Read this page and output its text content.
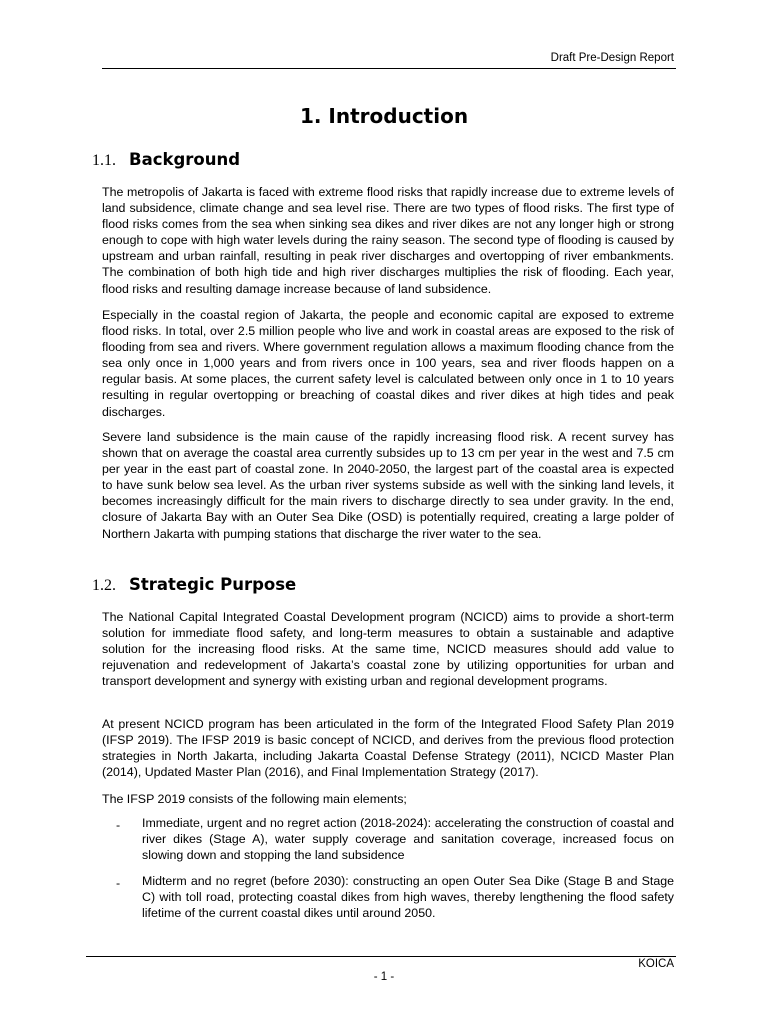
Draft Pre-Design Report
1. Introduction
1.1. Background

The metropolis of Jakarta is faced with extreme flood risks that rapidly increase due to extreme levels of land subsidence, climate change and sea level rise. There are two types of flood risks. The first type of flood risks comes from the sea when sinking sea dikes and river dikes are not any longer high or strong enough to cope with high water levels during the rainy season. The second type of flooding is caused by upstream and urban rainfall, resulting in peak river discharges and overtopping of river embankments. The combination of both high tide and high river discharges multiplies the risk of flooding. Each year, flood risks and resulting damage increase because of land subsidence.

Especially in the coastal region of Jakarta, the people and economic capital are exposed to extreme flood risks. In total, over 2.5 million people who live and work in coastal areas are exposed to the risk of flooding from sea and rivers. Where government regulation allows a maximum flooding chance from the sea only once in 1,000 years and from rivers once in 100 years, sea and river floods happen on a regular basis. At some places, the current safety level is calculated between only once in 1 to 10 years resulting in regular overtopping or breaching of coastal dikes and river dikes at high tides and peak discharges.

Severe land subsidence is the main cause of the rapidly increasing flood risk. A recent survey has shown that on average the coastal area currently subsides up to 13 cm per year in the west and 7.5 cm per year in the east part of coastal zone. In 2040-2050, the largest part of the coastal area is expected to have sunk below sea level. As the urban river systems subside as well with the sinking land levels, it becomes increasingly difficult for the main rivers to discharge directly to sea under gravity. In the end, closure of Jakarta Bay with an Outer Sea Dike (OSD) is potentially required, creating a large polder of Northern Jakarta with pumping stations that discharge the river water to the sea.

1.2. Strategic Purpose

The National Capital Integrated Coastal Development program (NCICD) aims to provide a short-term solution for immediate flood safety, and long-term measures to obtain a sustainable and adaptive solution for the increasing flood risks. At the same time, NCICD measures should add value to rejuvenation and redevelopment of Jakarta’s coastal zone by utilizing opportunities for urban and transport development and synergy with existing urban and regional development programs.

At present NCICD program has been articulated in the form of the Integrated Flood Safety Plan 2019 (IFSP 2019). The IFSP 2019 is basic concept of NCICD, and derives from the previous flood protection strategies in North Jakarta, including Jakarta Coastal Defense Strategy (2011), NCICD Master Plan (2014), Updated Master Plan (2016), and Final Implementation Strategy (2017).

The IFSP 2019 consists of the following main elements;

-	Immediate, urgent and no regret action (2018-2024): accelerating the construction of coastal and river dikes (Stage A), water supply coverage and sanitation coverage, increased focus on slowing down and stopping the land subsidence
-	Midterm and no regret (before 2030): constructing an open Outer Sea Dike (Stage B and Stage C) with toll road, protecting coastal dikes from high waves, thereby lengthening the flood safety lifetime of the current coastal dikes until around 2050.
KOICA
- 1 -
